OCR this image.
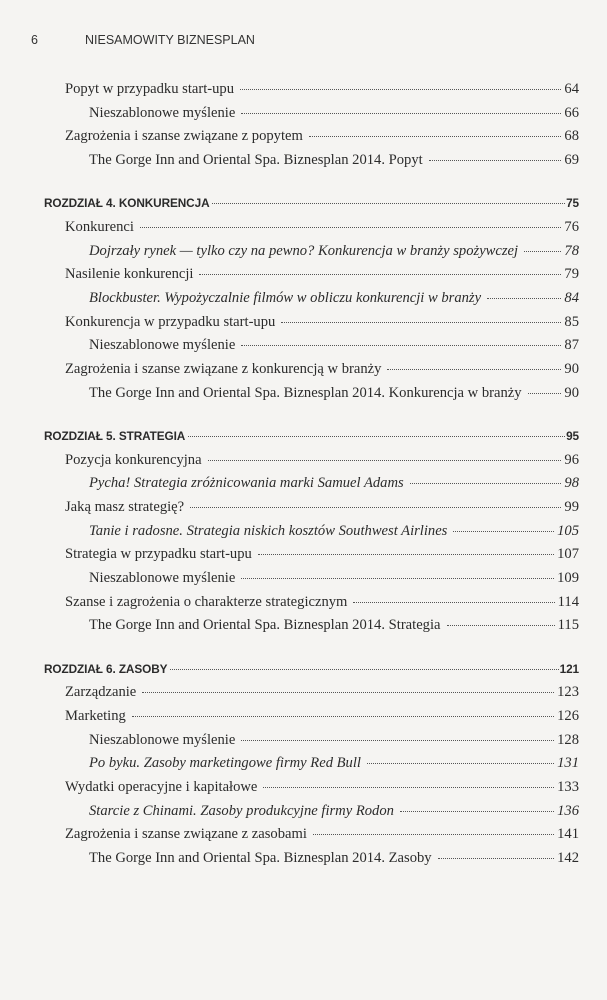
6	NIESAMOWITY BIZNESPLAN
Popyt w przypadku start-upu	64
Nieszablonowe myślenie	66
Zagrożenia i szanse związane z popytem	68
The Gorge Inn and Oriental Spa. Biznesplan 2014. Popyt	69
ROZDZIAŁ 4. KONKURENCJA	75
Konkurenci	76
Dojrzały rynek — tylko czy na pewno? Konkurencja w branży spożywczej	78
Nasilenie konkurencji	79
Blockbuster. Wypożyczalnie filmów w obliczu konkurencji w branży	84
Konkurencja w przypadku start-upu	85
Nieszablonowe myślenie	87
Zagrożenia i szanse związane z konkurencją w branży	90
The Gorge Inn and Oriental Spa. Biznesplan 2014. Konkurencja w branży	90
ROZDZIAŁ 5. STRATEGIA	95
Pozycja konkurencyjna	96
Pycha! Strategia zróżnicowania marki Samuel Adams	98
Jaką masz strategię?	99
Tanie i radosne. Strategia niskich kosztów Southwest Airlines	105
Strategia w przypadku start-upu	107
Nieszablonowe myślenie	109
Szanse i zagrożenia o charakterze strategicznym	114
The Gorge Inn and Oriental Spa. Biznesplan 2014. Strategia	115
ROZDZIAŁ 6. ZASOBY	121
Zarządzanie	123
Marketing	126
Nieszablonowe myślenie	128
Po byku. Zasoby marketingowe firmy Red Bull	131
Wydatki operacyjne i kapitałowe	133
Starcie z Chinami. Zasoby produkcyjne firmy Rodon	136
Zagrożenia i szanse związane z zasobami	141
The Gorge Inn and Oriental Spa. Biznesplan 2014. Zasoby	142
